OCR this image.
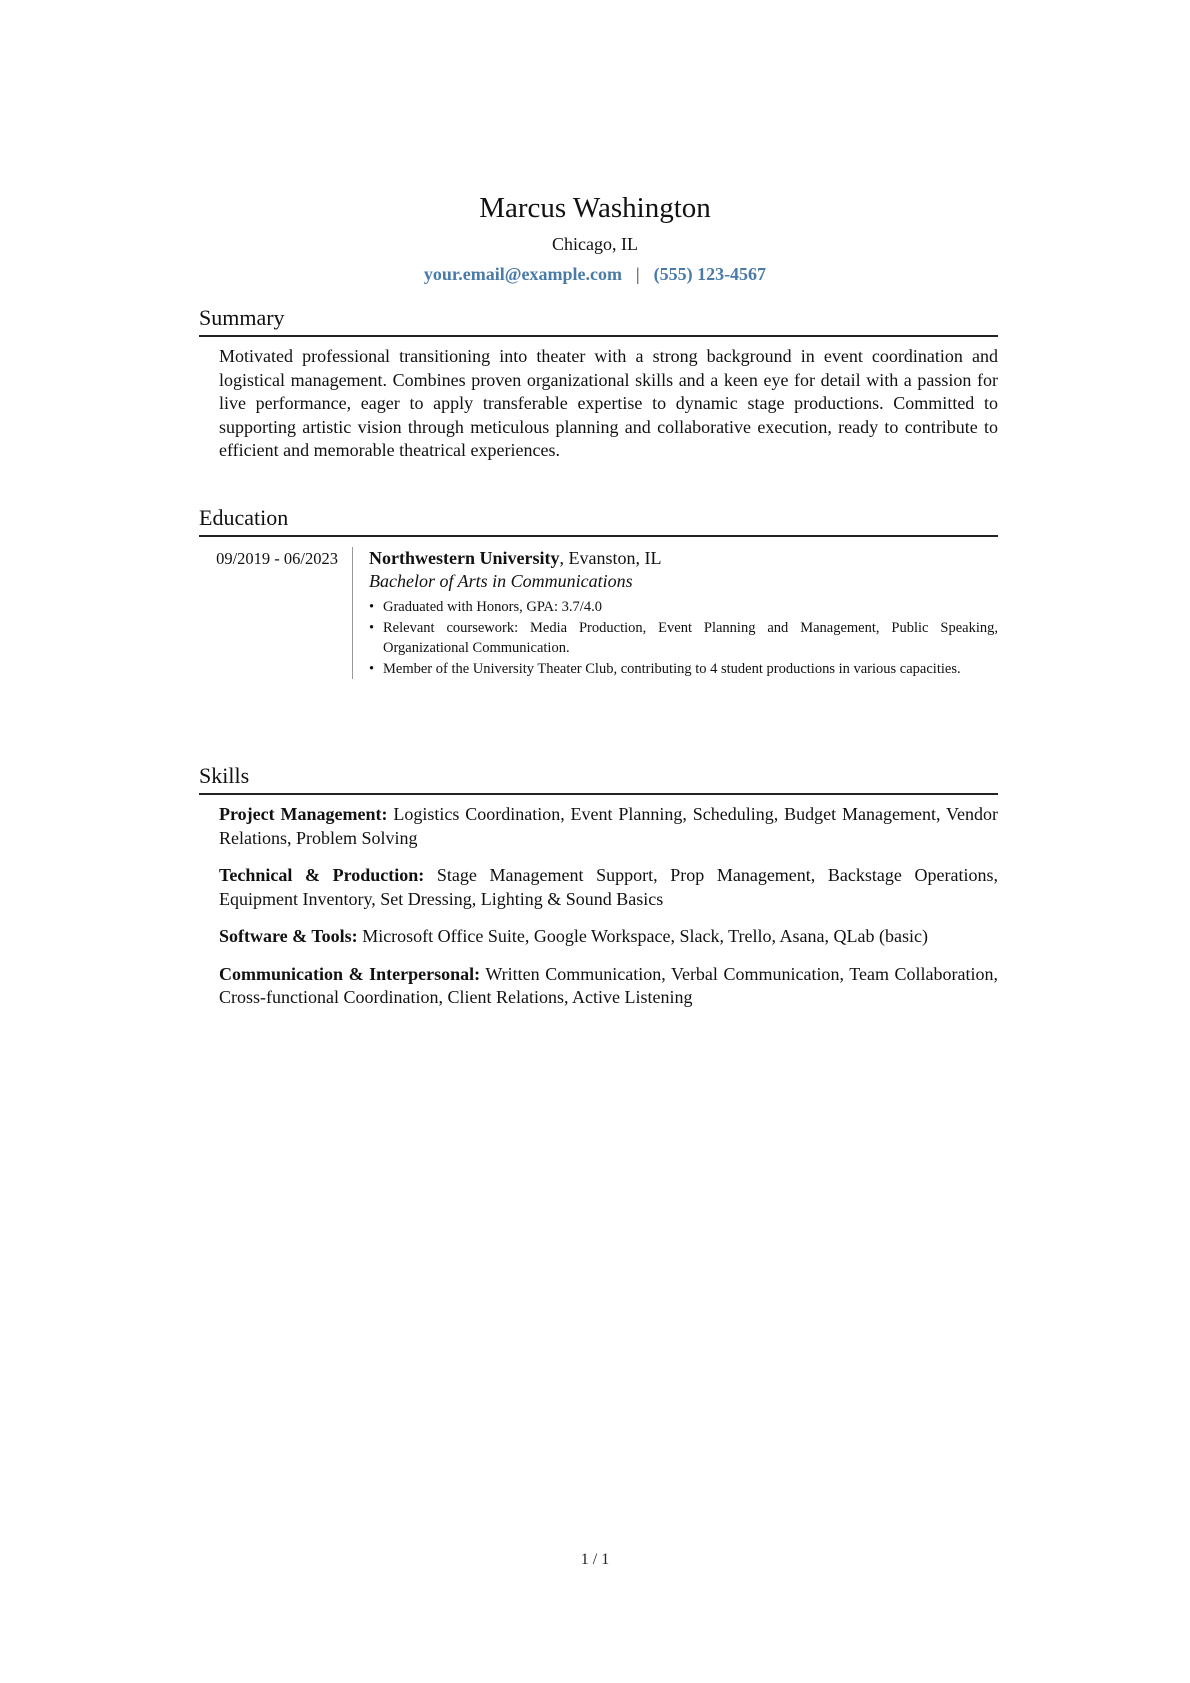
Marcus Washington
Chicago, IL
your.email@example.com | (555) 123-4567
Summary

Motivated professional transitioning into theater with a strong background in event coordination and logistical management. Combines proven organizational skills and a keen eye for detail with a passion for live performance, eager to apply transferable expertise to dynamic stage productions. Committed to supporting artistic vision through meticulous planning and collaborative execution, ready to contribute to efficient and memorable theatrical experiences.

Education
09/2019 - 06/2023	Northwestern University, Evanston, IL
Bachelor of Arts in Communications
• Graduated with Honors, GPA: 3.7/4.0
• Relevant coursework: Media Production, Event Planning and Management, Public Speaking, Organizational Communication.
• Member of the University Theater Club, contributing to 4 student productions in various capacities.
Skills

Project Management: Logistics Coordination, Event Planning, Scheduling, Budget Management, Vendor Relations, Problem Solving

Technical & Production: Stage Management Support, Prop Management, Backstage Operations, Equipment Inventory, Set Dressing, Lighting & Sound Basics

Software & Tools: Microsoft Office Suite, Google Workspace, Slack, Trello, Asana, QLab (basic)

Communication & Interpersonal: Written Communication, Verbal Communication, Team Collaboration, Cross-functional Coordination, Client Relations, Active Listening

1 / 1
